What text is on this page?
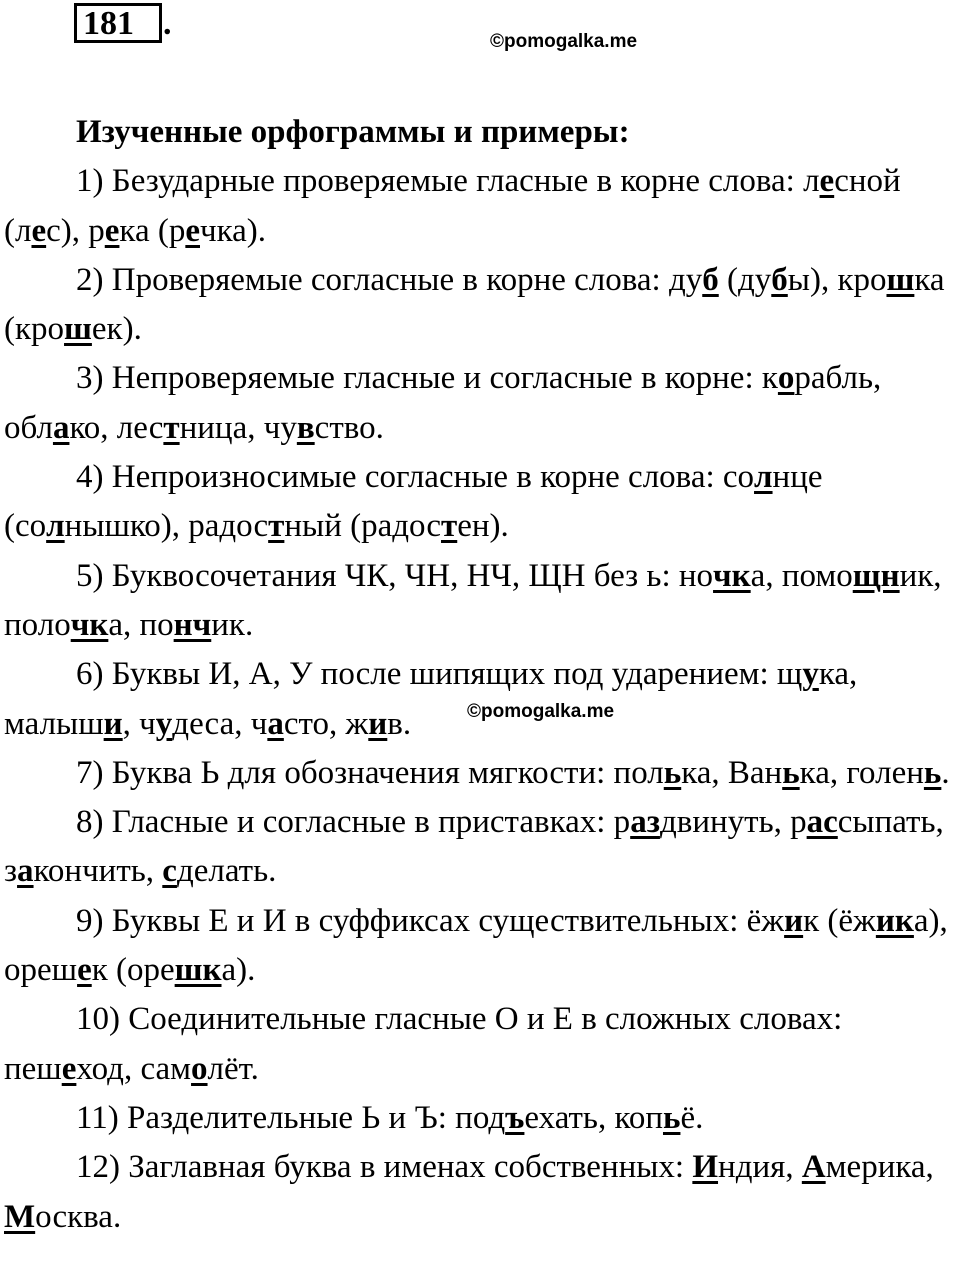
181 .	©pomogalka.me
©pomogalka.me

Изученные орфограммы и примеры:

1) Безударные проверяемые гласные в корне слова: лесной (лес), река (речка).

2) Проверяемые согласные в корне слова: дуб (дубы), крошка (крошек).

3) Непроверяемые гласные и согласные в корне: корабль, облако, лестница, чувство.

4) Непроизносимые согласные в корне слова: солнце (солнышко), радостный (радостен).

5) Буквосочетания ЧК, ЧН, НЧ, ЩН без ь: ночка, помощник, полочка, пончик.

6) Буквы И, А, У после шипящих под ударением: щука, малыши, чудеса, часто, жив.

7) Буква Ь для обозначения мягкости: полька, Ванька, голень.

8) Гласные и согласные в приставках: раздвинуть, рассыпать, закончить, сделать.

9) Буквы Е и И в суффиксах существительных: ёжик (ёжика), орешек (орешка).

10) Соединительные гласные О и Е в сложных словах: пешеход, самолёт.

11) Разделительные Ь и Ъ: подъехать, копьё.

12) Заглавная буква в именах собственных: Индия, Америка, Москва.
